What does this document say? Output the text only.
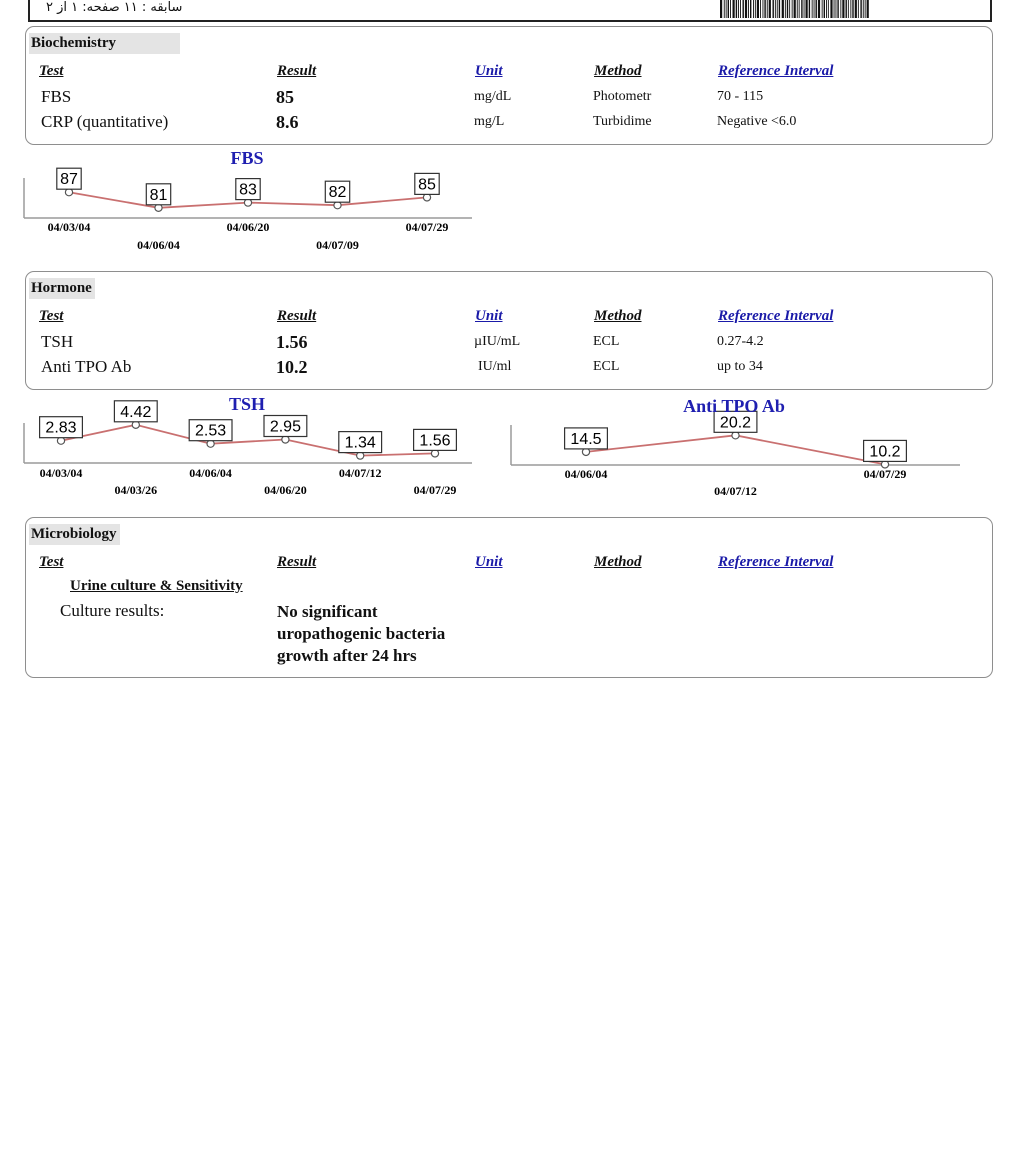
سابقه : ۱۱ صفحه: ۱ از ۲
Biochemistry
Test	Result	Unit	Method	Reference Interval
FBS	85	mg/dL	Photometr	70 - 115
CRP (quantitative)	8.6	mg/L	Turbidime	Negative <6.0
FBS
87
04/03/04
81
04/06/04
83
04/06/20
82
04/07/09
85
04/07/29
2.83
04/03/04
4.42
04/03/26
2.53
04/06/04
2.95
04/06/20
1.34
04/07/12
1.56
04/07/29
14.5
04/06/04
20.2
04/07/12
10.2
04/07/29
Hormone
Test	Result	Unit	Method	Reference Interval
TSH	1.56	µIU/mL	ECL	0.27-4.2
Anti TPO Ab	10.2	IU/ml	ECL	up to 34
TSH	Anti TPO Ab
Microbiology
Test	Result	Unit	Method	Reference Interval
Urine culture & Sensitivity
Culture results:	No significant
uropathogenic bacteria
growth after 24 hrs
